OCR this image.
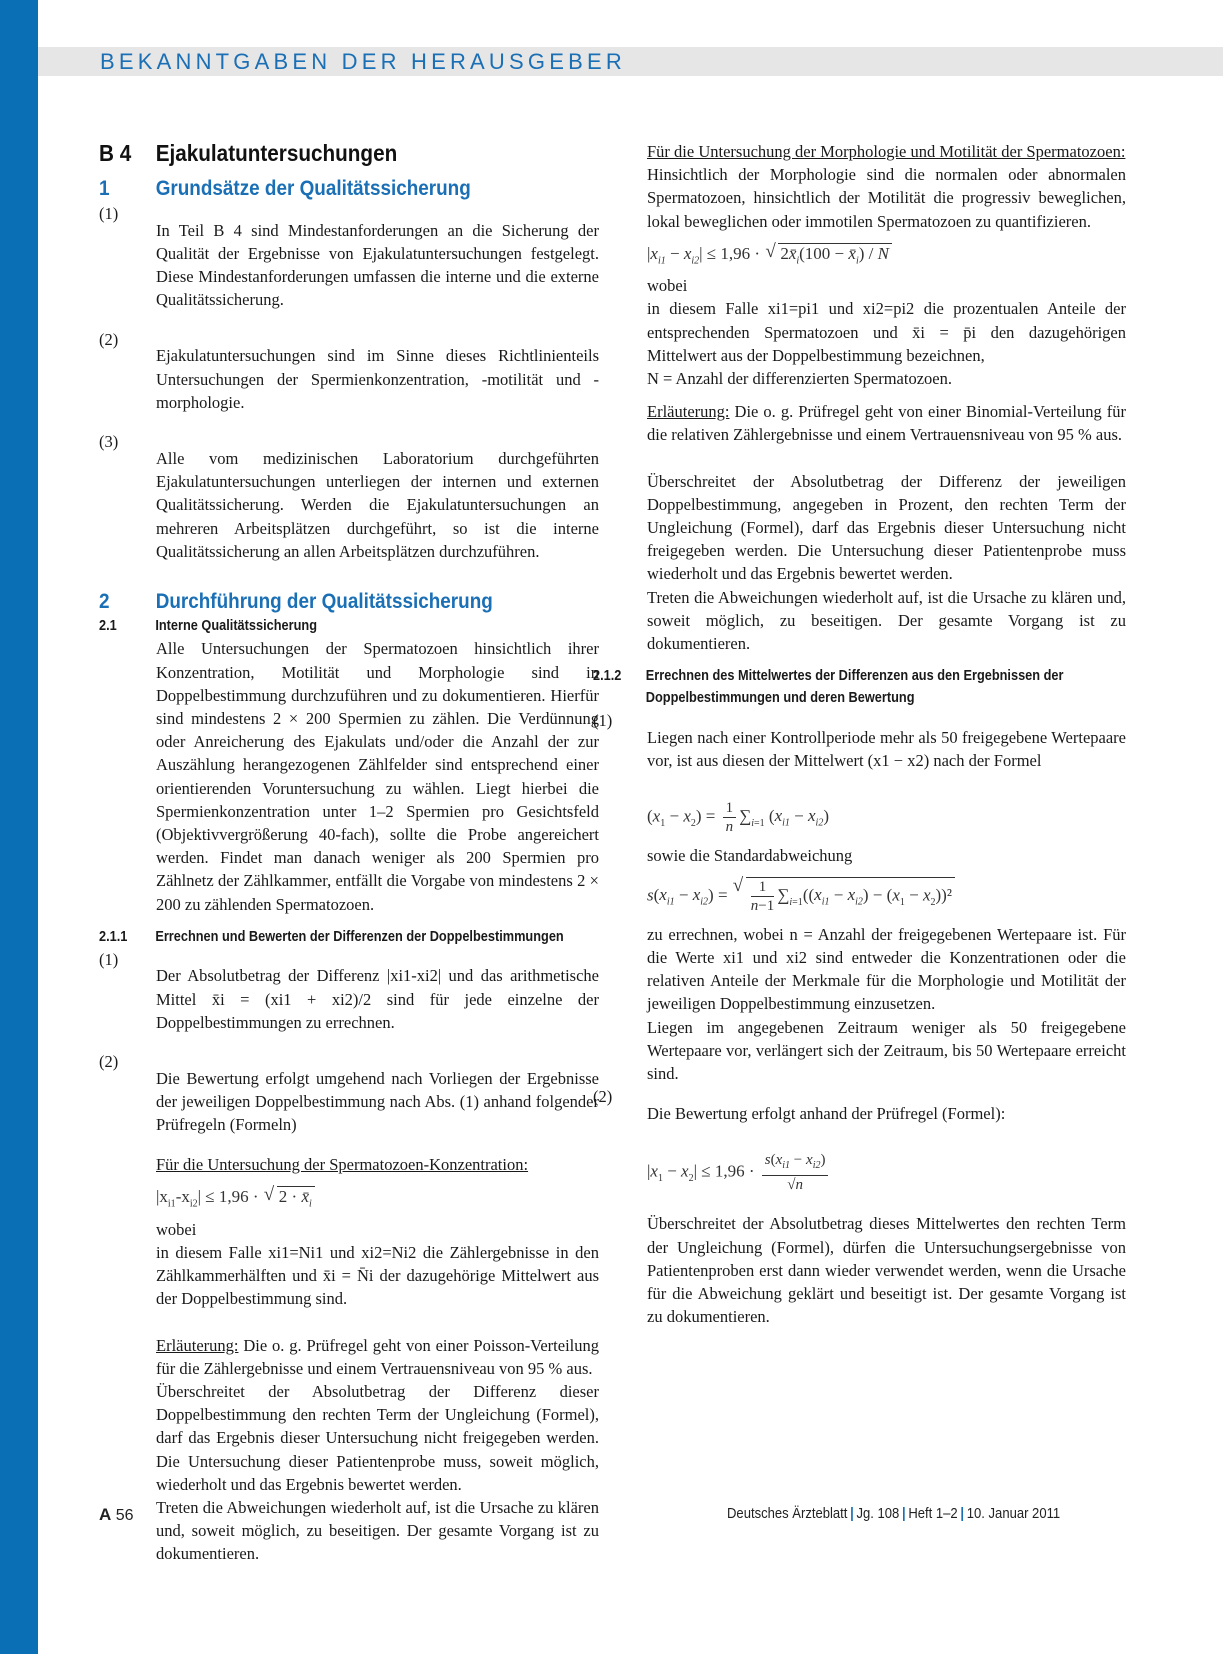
BEKANNTGABEN DER HERAUSGEBER
B 4	Ejakulatuntersuchungen
1	Grundsätze der Qualitätssicherung
(1)

In Teil B 4 sind Mindestanforderungen an die Sicherung der Qualität der Ergebnisse von Ejakulatuntersuchungen festgelegt. Diese Mindestanforderungen umfassen die interne und die externe Qualitätssicherung.

(2)

Ejakulatuntersuchungen sind im Sinne dieses Richtlinienteils Untersuchungen der Spermienkonzentration, -motilität und -morphologie.

(3)

Alle vom medizinischen Laboratorium durchgeführten Ejakulatuntersuchungen unterliegen der internen und externen Qualitätssicherung. Werden die Ejakulatuntersuchungen an mehreren Arbeitsplätzen durchgeführt, so ist die interne Qualitätssicherung an allen Arbeitsplätzen durchzuführen.

2	Durchführung der Qualitätssicherung
2.1	Interne Qualitätssicherung

Alle Untersuchungen der Spermatozoen hinsichtlich ihrer Konzentration, Motilität und Morphologie sind in Doppelbestimmung durchzuführen und zu dokumentieren. Hierfür sind mindestens 2 × 200 Spermien zu zählen. Die Verdünnung oder Anreicherung des Ejakulats und/oder die Anzahl der zur Auszählung herangezogenen Zählfelder sind entsprechend einer orientierenden Voruntersuchung zu wählen. Liegt hierbei die Spermienkonzentration unter 1–2 Spermien pro Gesichtsfeld (Objektivvergrößerung 40-fach), sollte die Probe angereichert werden. Findet man danach weniger als 200 Spermien pro Zählnetz der Zählkammer, entfällt die Vorgabe von mindestens 2 × 200 zu zählenden Spermatozoen.

2.1.1	Errechnen und Bewerten der Differenzen der Doppelbestimmungen
(1)

Der Absolutbetrag der Differenz |xi1-xi2| und das arithmetische Mittel x̄i = (xi1 + xi2)/2 sind für jede einzelne der Doppelbestimmungen zu errechnen.

(2)

Die Bewertung erfolgt umgehend nach Vorliegen der Ergebnisse der jeweiligen Doppelbestimmung nach Abs. (1) anhand folgender Prüfregeln (Formeln)

Für die Untersuchung der Spermatozoen-Konzentration:

$|x_{i1}-x_{i2}| \le 1,96$ · √ $2 \cdot x̄_i$

wobei

in diesem Falle xi1=Ni1 und xi2=Ni2 die Zählergebnisse in den Zählkammerhälften und x̄i = N̄i der dazugehörige Mittelwert aus der Doppelbestimmung sind.

Erläuterung: Die o. g. Prüfregel geht von einer Poisson-Verteilung für die Zählergebnisse und einem Vertrauensniveau von 95 % aus.

Überschreitet der Absolutbetrag der Differenz dieser Doppelbestimmung den rechten Term der Ungleichung (Formel), darf das Ergebnis dieser Untersuchung nicht freigegeben werden. Die Untersuchung dieser Patientenprobe muss, soweit möglich, wiederholt und das Ergebnis bewertet werden.

Treten die Abweichungen wiederholt auf, ist die Ursache zu klären und, soweit möglich, zu beseitigen. Der gesamte Vorgang ist zu dokumentieren.

Für die Untersuchung der Morphologie und Motilität der Spermatozoen:

Hinsichtlich der Morphologie sind die normalen oder abnormalen Spermatozoen, hinsichtlich der Motilität die progressiv beweglichen, lokal beweglichen oder immotilen Spermatozoen zu quantifizieren.

$|x_{i1} - x_{i2}| \le 1,96$ · √ $2x̄_i(100$ − $x̄_i$) / N

wobei

in diesem Falle xi1=pi1 und xi2=pi2 die prozentualen Anteile der entsprechenden Spermatozoen und x̄i = p̄i den dazugehörigen Mittelwert aus der Doppelbestimmung bezeichnen,

N = Anzahl der differenzierten Spermatozoen.

Erläuterung: Die o. g. Prüfregel geht von einer Binomial-Verteilung für die relativen Zählergebnisse und einem Vertrauensniveau von 95 % aus.

Überschreitet der Absolutbetrag der Differenz der jeweiligen Doppelbestimmung, angegeben in Prozent, den rechten Term der Ungleichung (Formel), darf das Ergebnis dieser Untersuchung nicht freigegeben werden. Die Untersuchung dieser Patientenprobe muss wiederholt und das Ergebnis bewertet werden.

Treten die Abweichungen wiederholt auf, ist die Ursache zu klären und, soweit möglich, zu beseitigen. Der gesamte Vorgang ist zu dokumentieren.

2.1.2	Errechnen des Mittelwertes der Differenzen aus den Ergebnissen der Doppelbestimmungen und deren Bewertung
(1)

Liegen nach einer Kontrollperiode mehr als 50 freigegebene Wertepaare vor, ist aus diesen der Mittelwert (x1 − x2) nach der Formel

$(x_1 - x_2) = \frac{1}{n} \sum_{i=1}$ $(x_{i1} - x_{i2})$

sowie die Standardabweichung

$s(x_{i1} - x_{i2})$ =
√ $\frac{1}{n-1} \sum_{i=1}((x_{i1} - x_{i2}) - (x_1 - x_2))^2$

zu errechnen, wobei n = Anzahl der freigegebenen Wertepaare ist. Für die Werte xi1 und xi2 sind entweder die Konzentrationen oder die relativen Anteile der Merkmale für die Morphologie und Motilität der jeweiligen Doppelbestimmung einzusetzen.

Liegen im angegebenen Zeitraum weniger als 50 freigegebene Wertepaare vor, verlängert sich der Zeitraum, bis 50 Wertepaare erreicht sind.

(2)

Die Bewertung erfolgt anhand der Prüfregel (Formel):

$|x_1 - x_2| \le 1,96 \cdot \frac{s(x_{i1} - x_{i2})}{√n}$

Überschreitet der Absolutbetrag dieses Mittelwertes den rechten Term der Ungleichung (Formel), dürfen die Untersuchungsergebnisse von Patientenproben erst dann wieder verwendet werden, wenn die Ursache für die Abweichung geklärt und beseitigt ist. Der gesamte Vorgang ist zu dokumentieren.

A 56	Deutsches Ärzteblatt | Jg. 108 | Heft 1–2 | 10. Januar 2011
